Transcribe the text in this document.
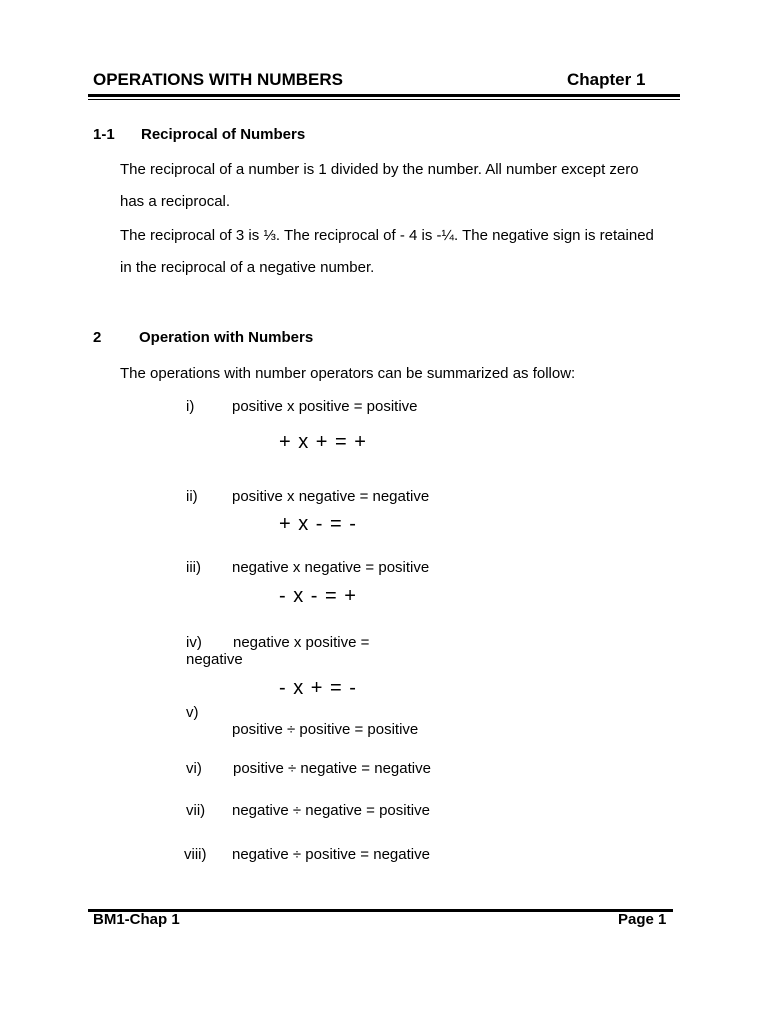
OPERATIONS WITH NUMBERS	Chapter 1
1-1 Reciprocal of Numbers
The reciprocal of a number is 1 divided by the number. All number except zero
has a reciprocal.
The reciprocal of 3 is ⅓. The reciprocal of - 4 is -¼. The negative sign is retained
in the reciprocal of a negative number.
2	Operation with Numbers
The operations with number operators can be summarized as follow:
i)	positive x positive = positive
+ x + = +
ii) positive x negative = negative
+ x - = -
iii) negative x negative = positive
- x - = +
iv) negative x positive =
negative
- x + = -
v)
positive ÷ positive = positive
vi) positive ÷ negative = negative
vii) negative ÷ negative = positive
viii) negative ÷ positive = negative
BM1-Chap 1	Page 1
